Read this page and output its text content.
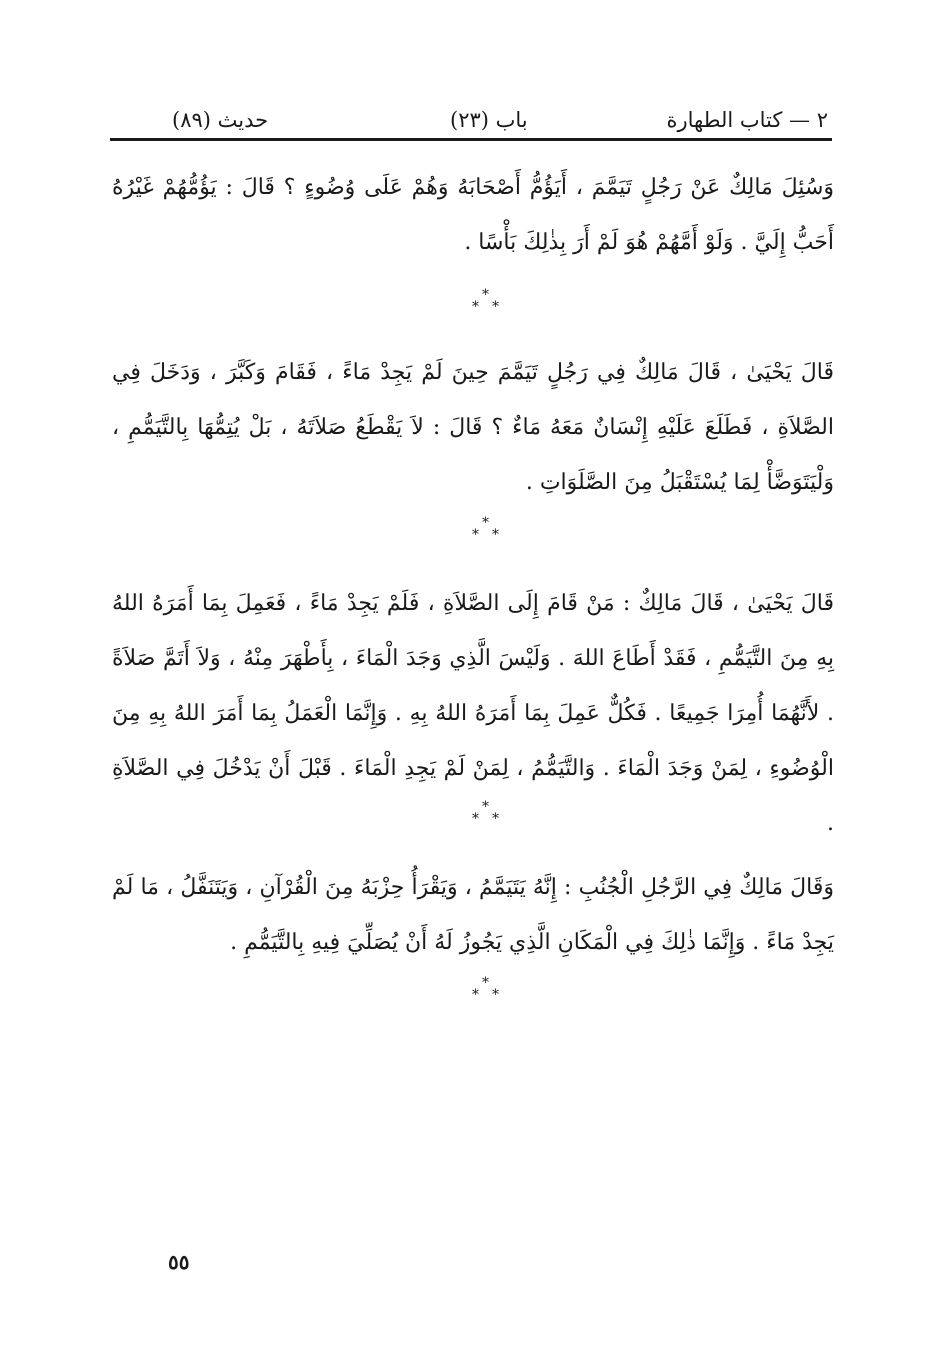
٢ — كتاب الطهارة
(٢٣) باب
(٨٩) حديث

وَسُئِلَ مَالِكٌ عَنْ رَجُلٍ تَيَمَّمَ ، أَيَؤُمُّ أَصْحَابَهُ وَهُمْ عَلَى وُضُوءٍ ؟ قَالَ : يَؤُمُّهُمْ غَيْرُهُ أَحَبُّ إِلَيَّ . وَلَوْ أَمَّهُمْ هُوَ لَمْ أَرَ بِذٰلِكَ بَأْسًا .

*
* *

قَالَ يَحْيَىٰ ، قَالَ مَالِكٌ فِي رَجُلٍ تَيَمَّمَ حِينَ لَمْ يَجِدْ مَاءً ، فَقَامَ وَكَبَّرَ ، وَدَخَلَ فِي الصَّلاَةِ ، فَطَلَعَ عَلَيْهِ إِنْسَانٌ مَعَهُ مَاءٌ ؟ قَالَ : لاَ يَقْطَعُ صَلاَتَهُ ، بَلْ يُتِمُّهَا بِالتَّيَمُّمِ ، وَلْيَتَوَضَّأْ لِمَا يُسْتَقْبَلُ مِنَ الصَّلَوَاتِ .

*
* *

قَالَ يَحْيَىٰ ، قَالَ مَالِكٌ : مَنْ قَامَ إِلَى الصَّلاَةِ ، فَلَمْ يَجِدْ مَاءً ، فَعَمِلَ بِمَا أَمَرَهُ اللهُ بِهِ مِنَ التَّيَمُّمِ ، فَقَدْ أَطَاعَ اللهَ . وَلَيْسَ الَّذِي وَجَدَ الْمَاءَ ، بِأَطْهَرَ مِنْهُ ، وَلاَ أَتَمَّ صَلاَةً . لأَنَّهُمَا أُمِرَا جَمِيعًا . فَكُلٌّ عَمِلَ بِمَا أَمَرَهُ اللهُ بِهِ . وَإِنَّمَا الْعَمَلُ بِمَا أَمَرَ اللهُ بِهِ مِنَ الْوُضُوءِ ، لِمَنْ وَجَدَ الْمَاءَ . وَالتَّيَمُّمُ ، لِمَنْ لَمْ يَجِدِ الْمَاءَ . قَبْلَ أَنْ يَدْخُلَ فِي الصَّلاَةِ .

*
* *

وَقَالَ مَالِكٌ فِي الرَّجُلِ الْجُنُبِ : إِنَّهُ يَتَيَمَّمُ ، وَيَقْرَأُ حِزْبَهُ مِنَ الْقُرْآنِ ، وَيَتَنَفَّلُ ، مَا لَمْ يَجِدْ مَاءً . وَإِنَّمَا ذٰلِكَ فِي الْمَكَانِ الَّذِي يَجُوزُ لَهُ أَنْ يُصَلِّيَ فِيهِ بِالتَّيَمُّمِ .

*
* *
٥٥
